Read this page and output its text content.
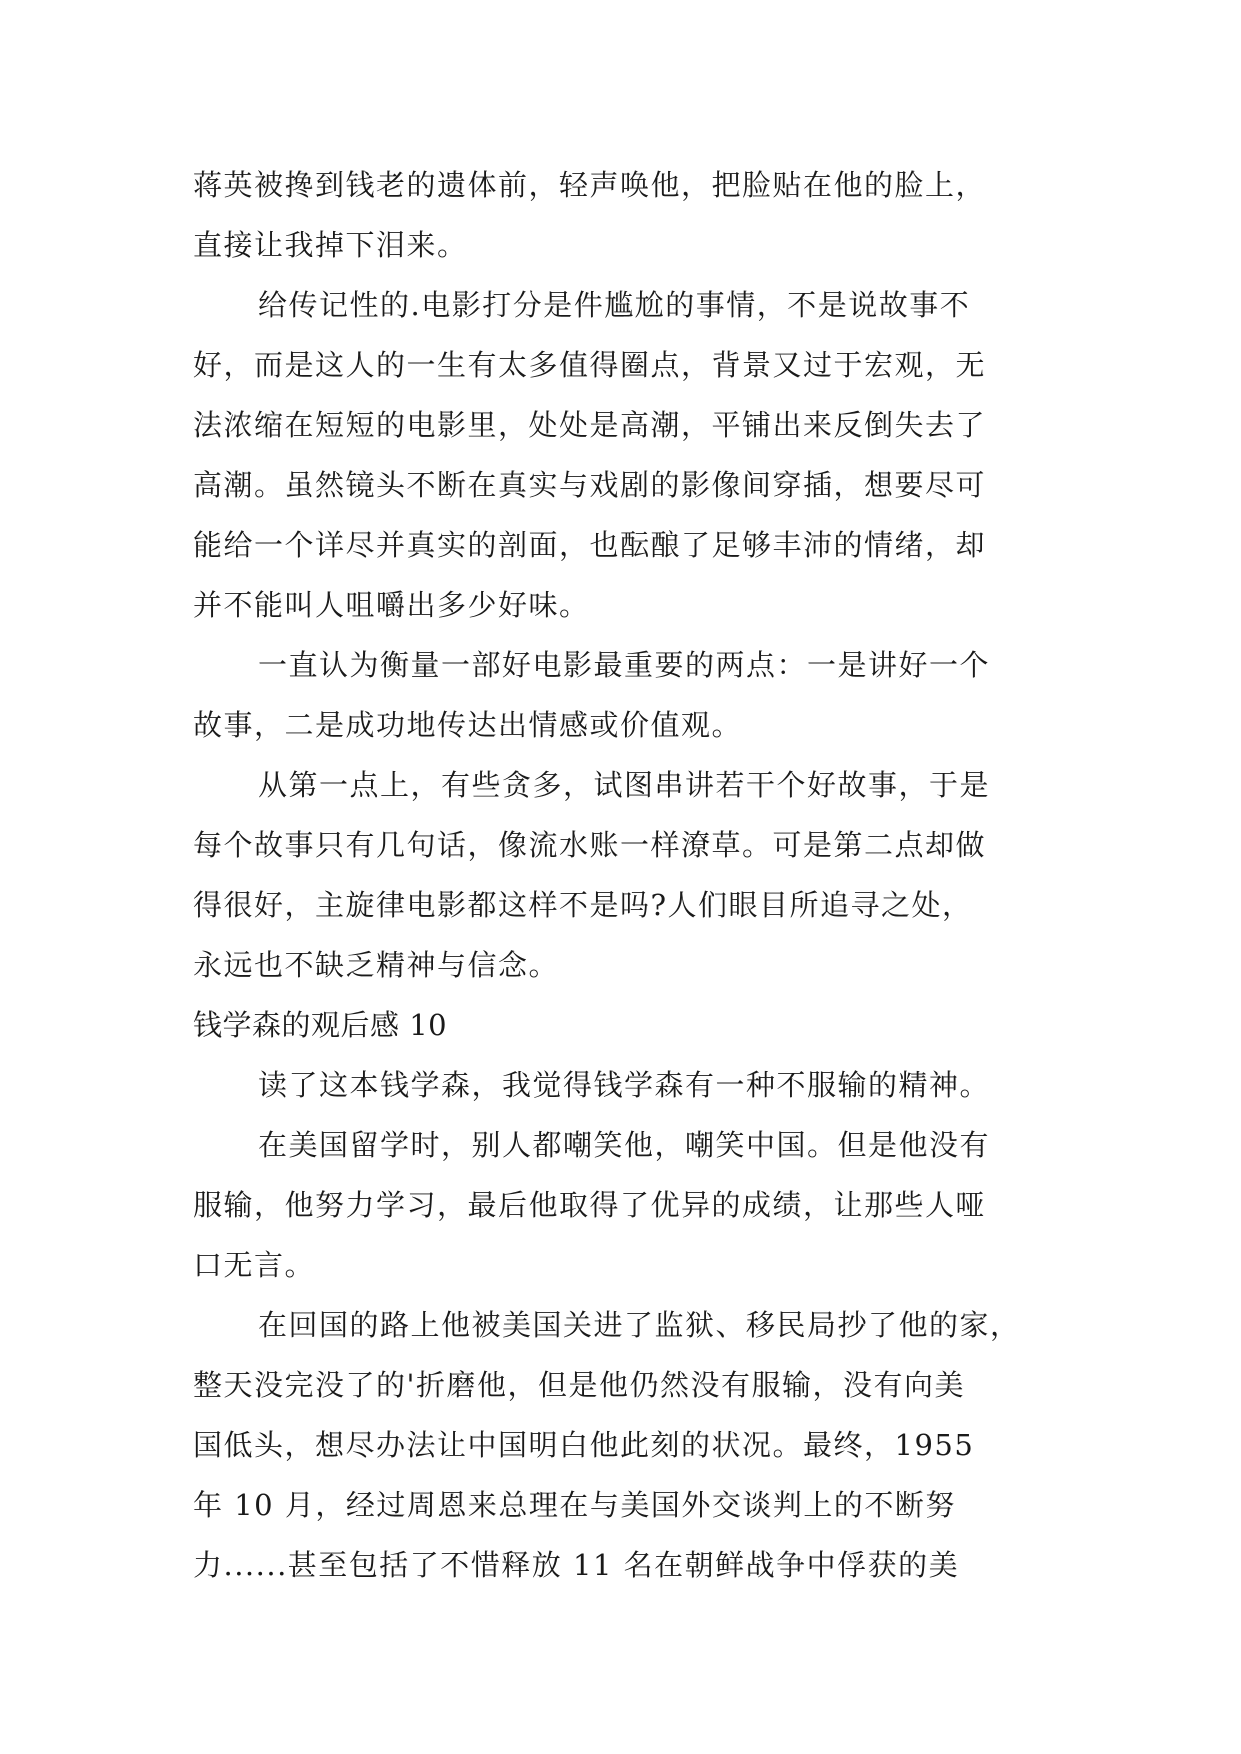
蒋英被搀到钱老的遗体前，轻声唤他，把脸贴在他的脸上，
直接让我掉下泪来。
给传记性的.电影打分是件尴尬的事情，不是说故事不
好，而是这人的一生有太多值得圈点，背景又过于宏观，无
法浓缩在短短的电影里，处处是高潮，平铺出来反倒失去了
高潮。虽然镜头不断在真实与戏剧的影像间穿插，想要尽可
能给一个详尽并真实的剖面，也酝酿了足够丰沛的情绪，却
并不能叫人咀嚼出多少好味。
一直认为衡量一部好电影最重要的两点：一是讲好一个
故事，二是成功地传达出情感或价值观。
从第一点上，有些贪多，试图串讲若干个好故事，于是
每个故事只有几句话，像流水账一样潦草。可是第二点却做
得很好，主旋律电影都这样不是吗?人们眼目所追寻之处，
永远也不缺乏精神与信念。
钱学森的观后感 10
读了这本钱学森，我觉得钱学森有一种不服输的精神。
在美国留学时，别人都嘲笑他，嘲笑中国。但是他没有
服输，他努力学习，最后他取得了优异的成绩，让那些人哑
口无言。
在回国的路上他被美国关进了监狱、移民局抄了他的家，
整天没完没了的'折磨他，但是他仍然没有服输，没有向美
国低头，想尽办法让中国明白他此刻的状况。最终，1955
年 10 月，经过周恩来总理在与美国外交谈判上的不断努
力......甚至包括了不惜释放 11 名在朝鲜战争中俘获的美
